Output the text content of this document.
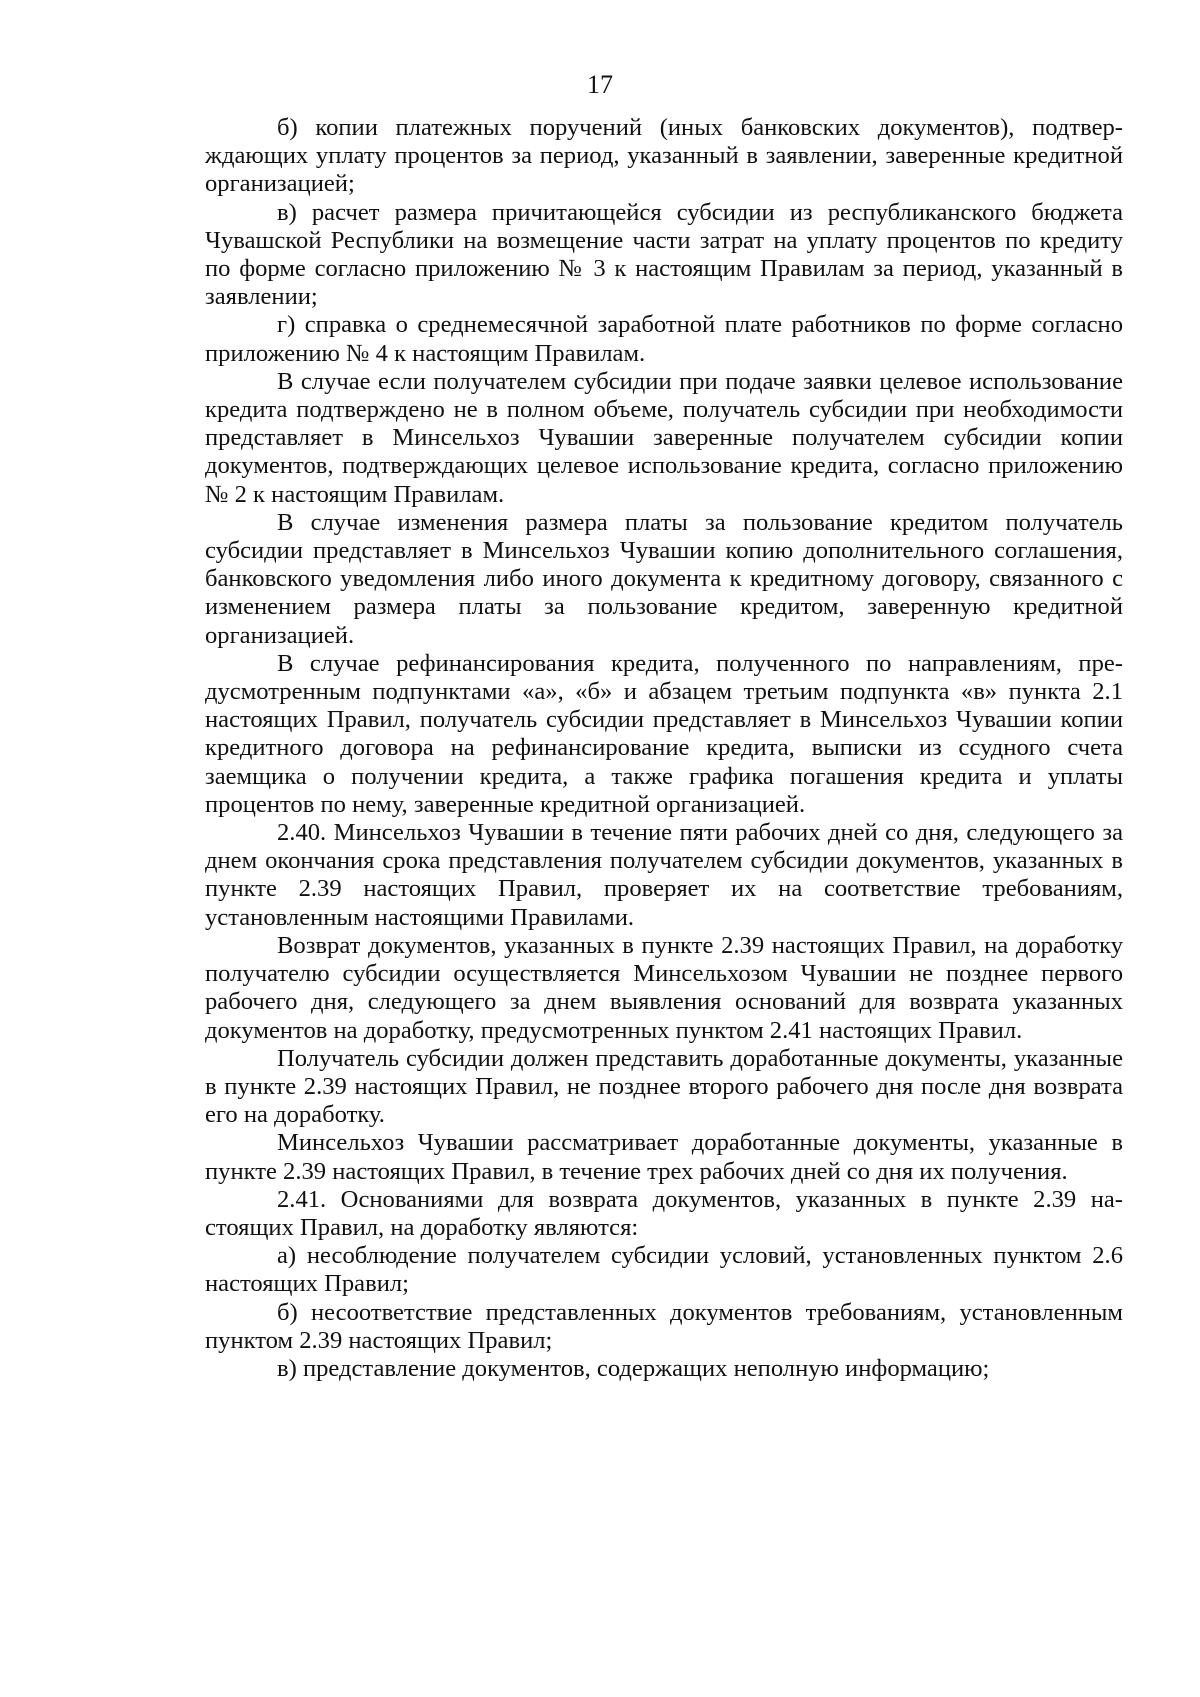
17

б) копии платежных поручений (иных банковских документов), подтверждающих уплату процентов за период, указанный в заявлении, заверенные кредитной организацией;

в) расчет размера причитающейся субсидии из республиканского бюджета Чувашской Республики на возмещение части затрат на уплату процентов по кредиту по форме согласно приложению № 3 к настоящим Правилам за период, указанный в заявлении;

г) справка о среднемесячной заработной плате работников по форме согласно приложению № 4 к настоящим Правилам.

В случае если получателем субсидии при подаче заявки целевое использование кредита подтверждено не в полном объеме, получатель субсидии при необходимости представляет в Минсельхоз Чувашии заверенные получателем субсидии копии документов, подтверждающих целевое использование кредита, согласно приложению № 2 к настоящим Правилам.

В случае изменения размера платы за пользование кредитом получатель субсидии представляет в Минсельхоз Чувашии копию дополнительного соглашения, банковского уведомления либо иного документа к кредитному договору, связанного с изменением размера платы за пользование кредитом, заверенную кредитной организацией.

В случае рефинансирования кредита, полученного по направлениям, предусмотренным подпунктами «а», «б» и абзацем третьим подпункта «в» пункта 2.1 настоящих Правил, получатель субсидии представляет в Минсельхоз Чувашии копии кредитного договора на рефинансирование кредита, выписки из ссудного счета заемщика о получении кредита, а также графика погашения кредита и уплаты процентов по нему, заверенные кредитной организацией.

2.40. Минсельхоз Чувашии в течение пяти рабочих дней со дня, следующего за днем окончания срока представления получателем субсидии документов, указанных в пункте 2.39 настоящих Правил, проверяет их на соответствие требованиям, установленным настоящими Правилами.

Возврат документов, указанных в пункте 2.39 настоящих Правил, на доработку получателю субсидии осуществляется Минсельхозом Чувашии не позднее первого рабочего дня, следующего за днем выявления оснований для возврата указанных документов на доработку, предусмотренных пунктом 2.41 настоящих Правил.

Получатель субсидии должен представить доработанные документы, указанные в пункте 2.39 настоящих Правил, не позднее второго рабочего дня после дня возврата его на доработку.

Минсельхоз Чувашии рассматривает доработанные документы, указанные в пункте 2.39 настоящих Правил, в течение трех рабочих дней со дня их получения.

2.41. Основаниями для возврата документов, указанных в пункте 2.39 настоящих Правил, на доработку являются:

а) несоблюдение получателем субсидии условий, установленных пунктом 2.6 настоящих Правил;

б) несоответствие представленных документов требованиям, установленным пунктом 2.39 настоящих Правил;

в) представление документов, содержащих неполную информацию;
